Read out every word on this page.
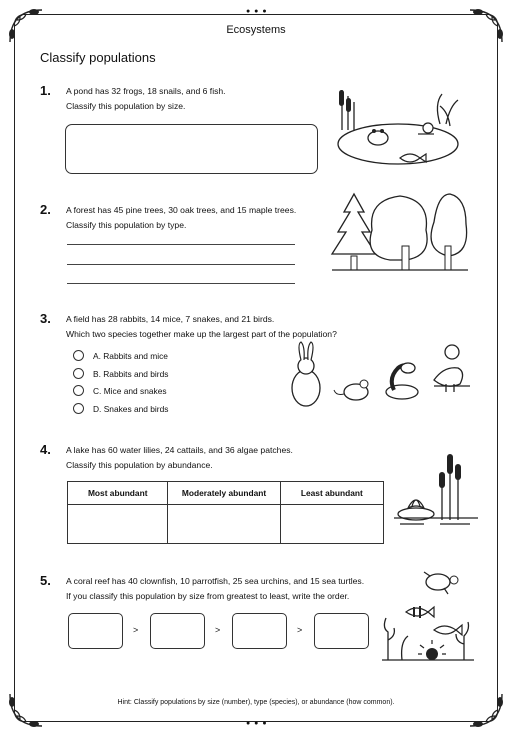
● ● ●
● ● ●
Ecosystems
Classify populations
1. A pond has 32 frogs, 18 snails, and 6 fish.
Classify this population by size.
2. A forest has 45 pine trees, 30 oak trees, and 15 maple trees.
Classify this population by type.
3. A field has 28 rabbits, 14 mice, 7 snakes, and 21 birds.
Which two species together make up the largest part of the population?
A. Rabbits and mice
B. Rabbits and birds
C. Mice and snakes
D. Snakes and birds
4. A lake has 60 water lilies, 24 cattails, and 36 algae patches.
Classify this population by abundance.
Most abundant	Moderately abundant	Least abundant

5. A coral reef has 40 clownfish, 10 parrotfish, 25 sea urchins, and 15 sea turtles.
If you classify this population by size from greatest to least, write the order.
>	>	>
Hint: Classify populations by size (number), type (species), or abundance (how common).
